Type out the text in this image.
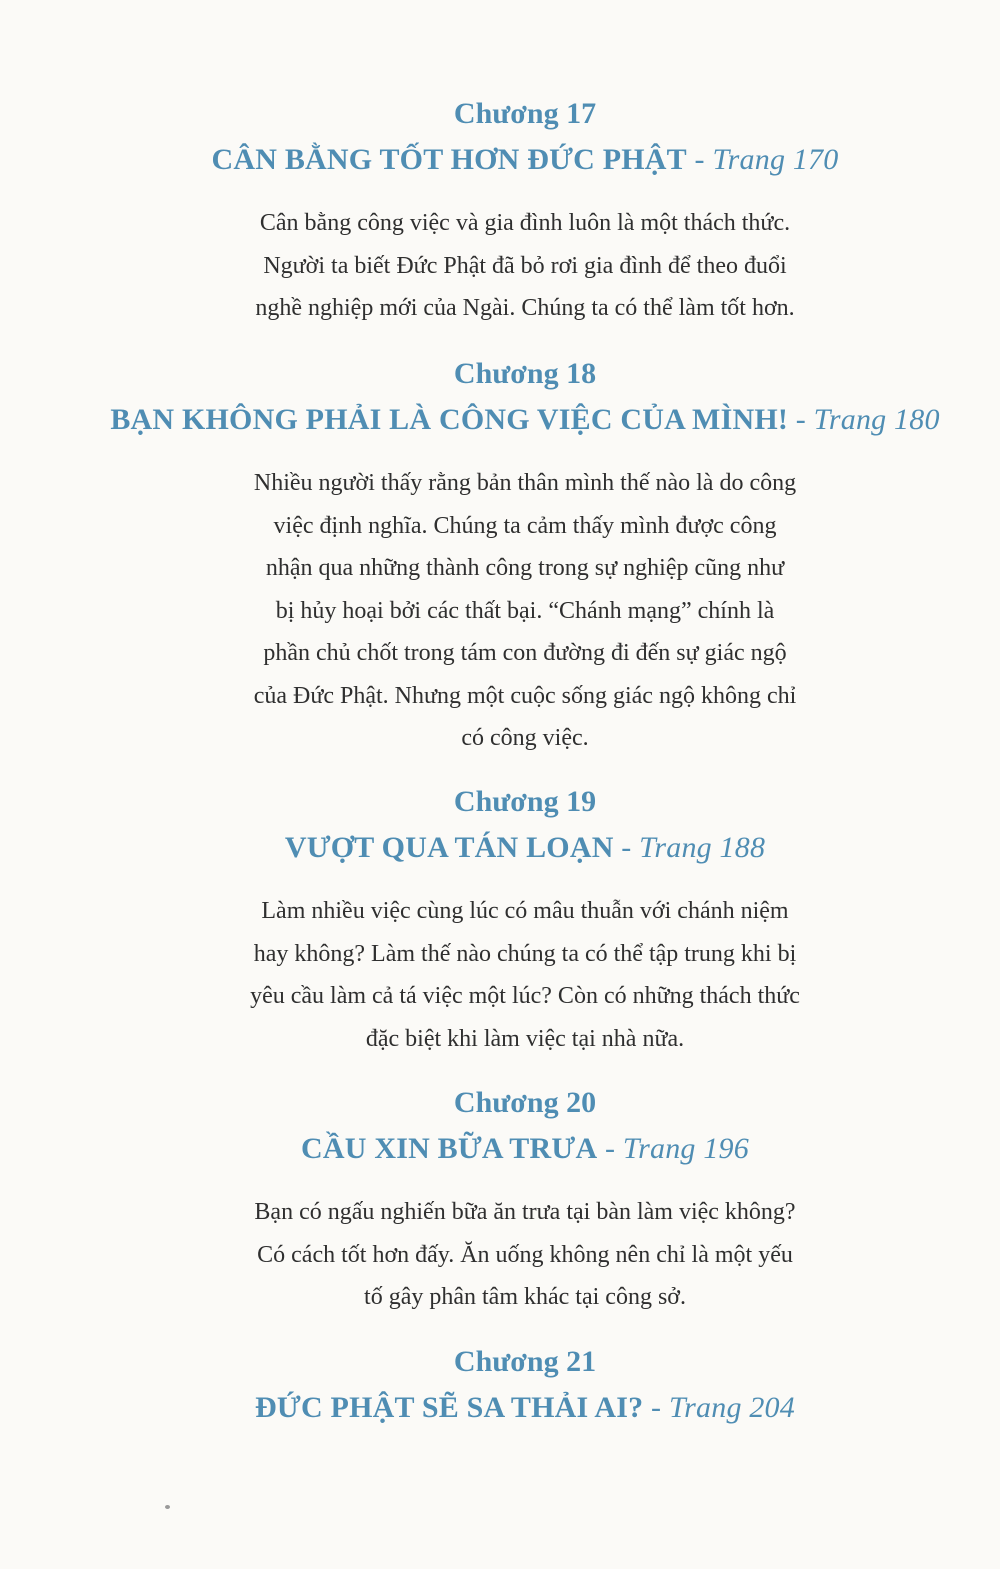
Chương 17

CÂN BẰNG TỐT HƠN ĐỨC PHẬT - Trang 170

Cân bằng công việc và gia đình luôn là một thách thức.
Người ta biết Đức Phật đã bỏ rơi gia đình để theo đuổi
nghề nghiệp mới của Ngài. Chúng ta có thể làm tốt hơn.

Chương 18

BẠN KHÔNG PHẢI LÀ CÔNG VIỆC CỦA MÌNH! - Trang 180

Nhiều người thấy rằng bản thân mình thế nào là do công
việc định nghĩa. Chúng ta cảm thấy mình được công
nhận qua những thành công trong sự nghiệp cũng như
bị hủy hoại bởi các thất bại. “Chánh mạng” chính là
phần chủ chốt trong tám con đường đi đến sự giác ngộ
của Đức Phật. Nhưng một cuộc sống giác ngộ không chỉ
có công việc.

Chương 19

VƯỢT QUA TÁN LOẠN - Trang 188

Làm nhiều việc cùng lúc có mâu thuẫn với chánh niệm
hay không? Làm thế nào chúng ta có thể tập trung khi bị
yêu cầu làm cả tá việc một lúc? Còn có những thách thức
đặc biệt khi làm việc tại nhà nữa.

Chương 20

CẦU XIN BỮA TRƯA - Trang 196

Bạn có ngấu nghiến bữa ăn trưa tại bàn làm việc không?
Có cách tốt hơn đấy. Ăn uống không nên chỉ là một yếu
tố gây phân tâm khác tại công sở.

Chương 21

ĐỨC PHẬT SẼ SA THẢI AI? - Trang 204
